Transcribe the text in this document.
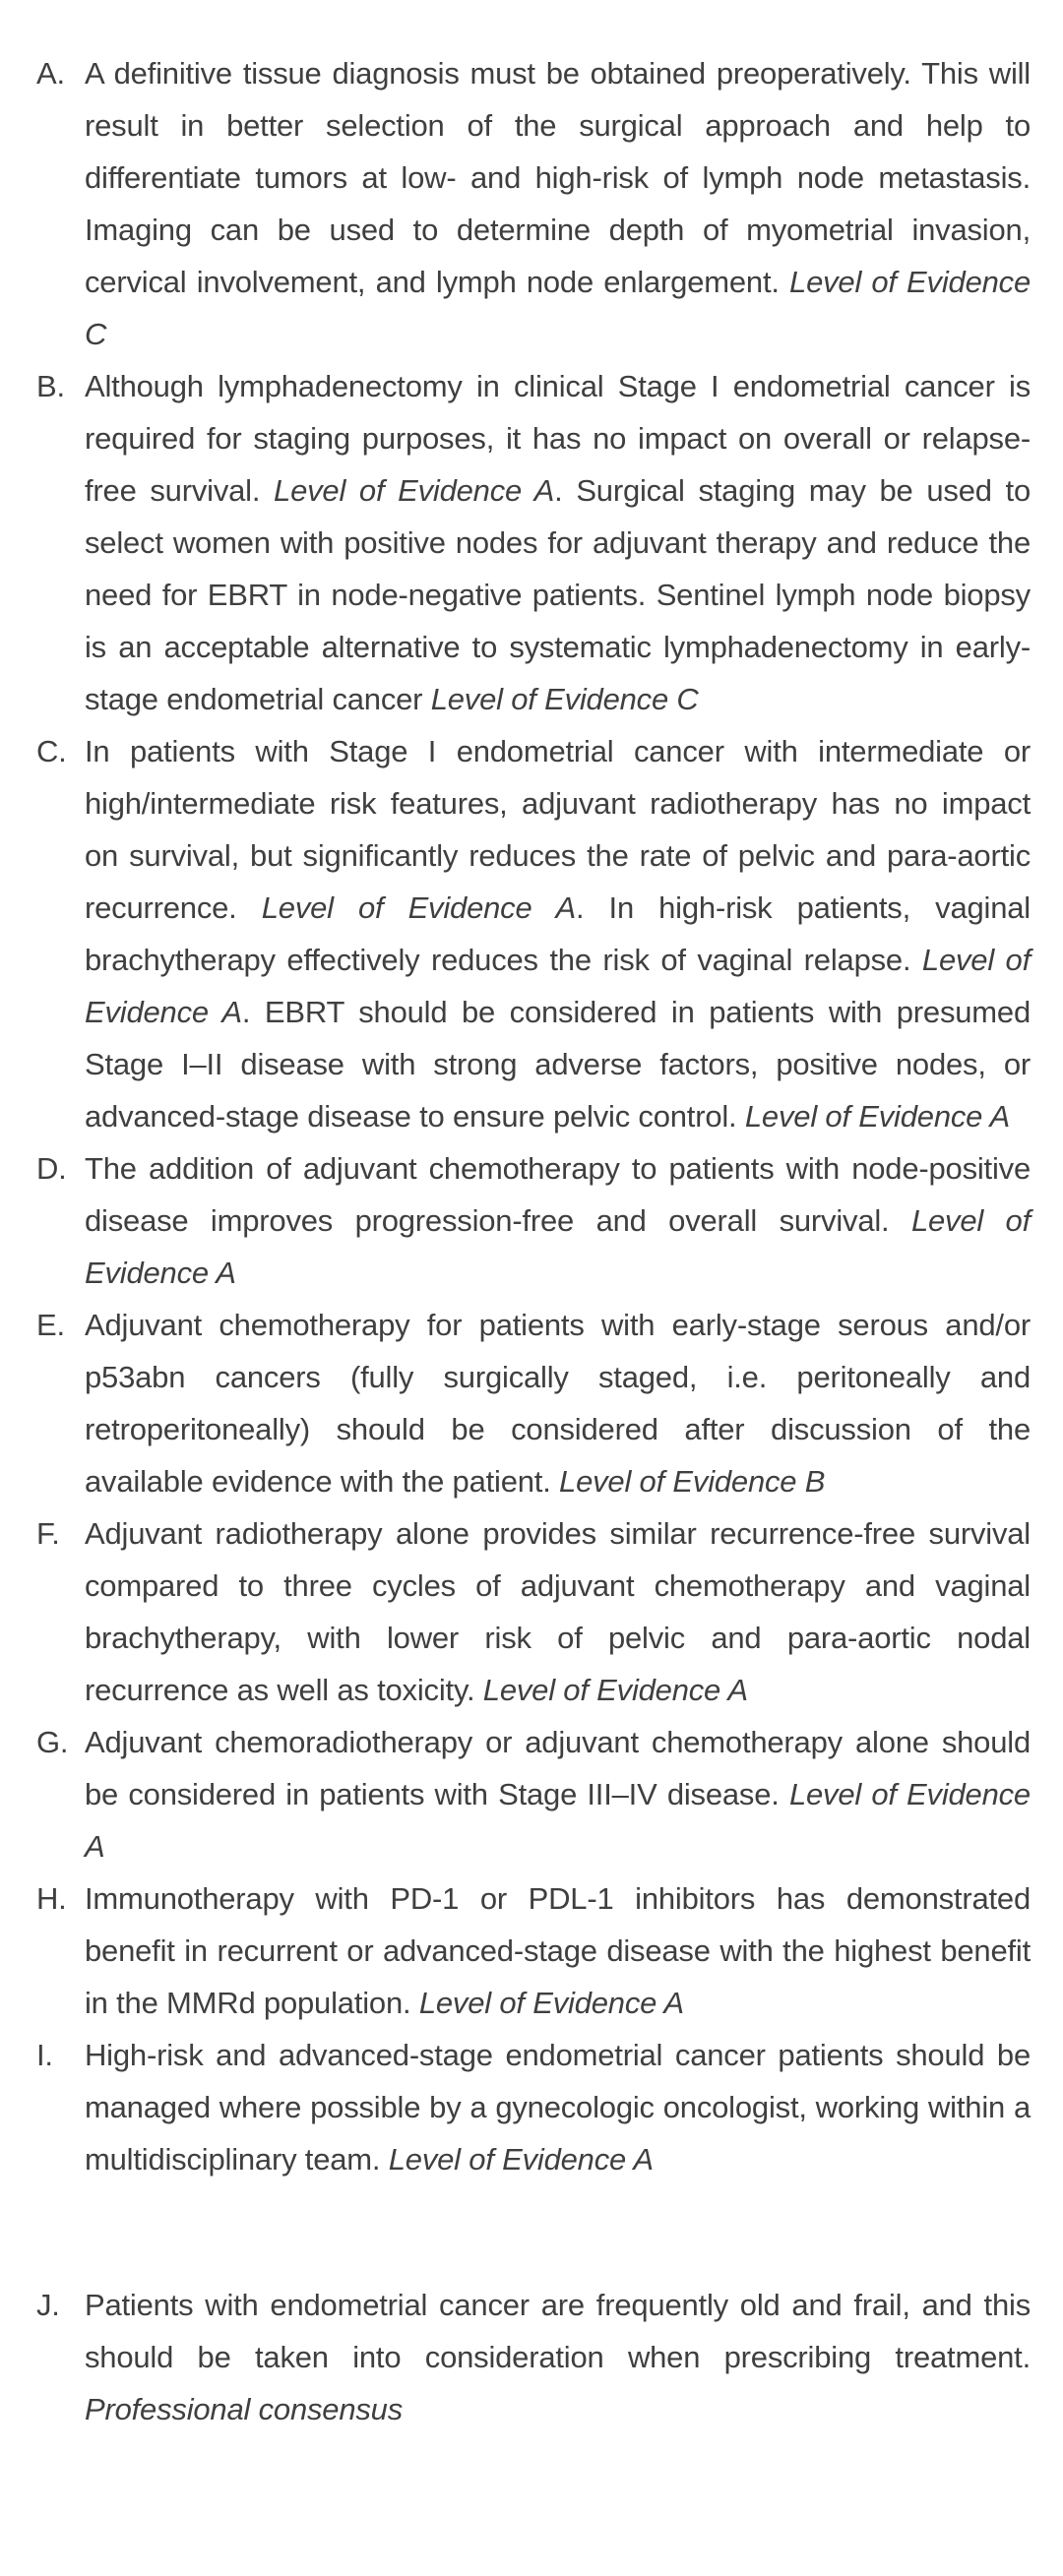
A. A definitive tissue diagnosis must be obtained preoperatively. This will result in better selection of the surgical approach and help to differentiate tumors at low- and high-risk of lymph node metastasis. Imaging can be used to determine depth of myometrial invasion, cervical involvement, and lymph node enlargement. Level of Evidence C
B. Although lymphadenectomy in clinical Stage I endometrial cancer is required for staging purposes, it has no impact on overall or relapse-free survival. Level of Evidence A. Surgical staging may be used to select women with positive nodes for adjuvant therapy and reduce the need for EBRT in node-negative patients. Sentinel lymph node biopsy is an acceptable alternative to systematic lymphadenectomy in early-stage endometrial cancer Level of Evidence C
C. In patients with Stage I endometrial cancer with intermediate or high/intermediate risk features, adjuvant radiotherapy has no impact on survival, but significantly reduces the rate of pelvic and para-aortic recurrence. Level of Evidence A. In high-risk patients, vaginal brachytherapy effectively reduces the risk of vaginal relapse. Level of Evidence A. EBRT should be considered in patients with presumed Stage I–II disease with strong adverse factors, positive nodes, or advanced-stage disease to ensure pelvic control. Level of Evidence A
D. The addition of adjuvant chemotherapy to patients with node-positive disease improves progression-free and overall survival. Level of Evidence A
E. Adjuvant chemotherapy for patients with early-stage serous and/or p53abn cancers (fully surgically staged, i.e. peritoneally and retroperitoneally) should be considered after discussion of the available evidence with the patient. Level of Evidence B
F. Adjuvant radiotherapy alone provides similar recurrence-free survival compared to three cycles of adjuvant chemotherapy and vaginal brachytherapy, with lower risk of pelvic and para-aortic nodal recurrence as well as toxicity. Level of Evidence A
G. Adjuvant chemoradiotherapy or adjuvant chemotherapy alone should be considered in patients with Stage III–IV disease. Level of Evidence A
H. Immunotherapy with PD-1 or PDL-1 inhibitors has demonstrated benefit in recurrent or advanced-stage disease with the highest benefit in the MMRd population. Level of Evidence A
I. High-risk and advanced-stage endometrial cancer patients should be managed where possible by a gynecologic oncologist, working within a multidisciplinary team. Level of Evidence A
J. Patients with endometrial cancer are frequently old and frail, and this should be taken into consideration when prescribing treatment. Professional consensus
